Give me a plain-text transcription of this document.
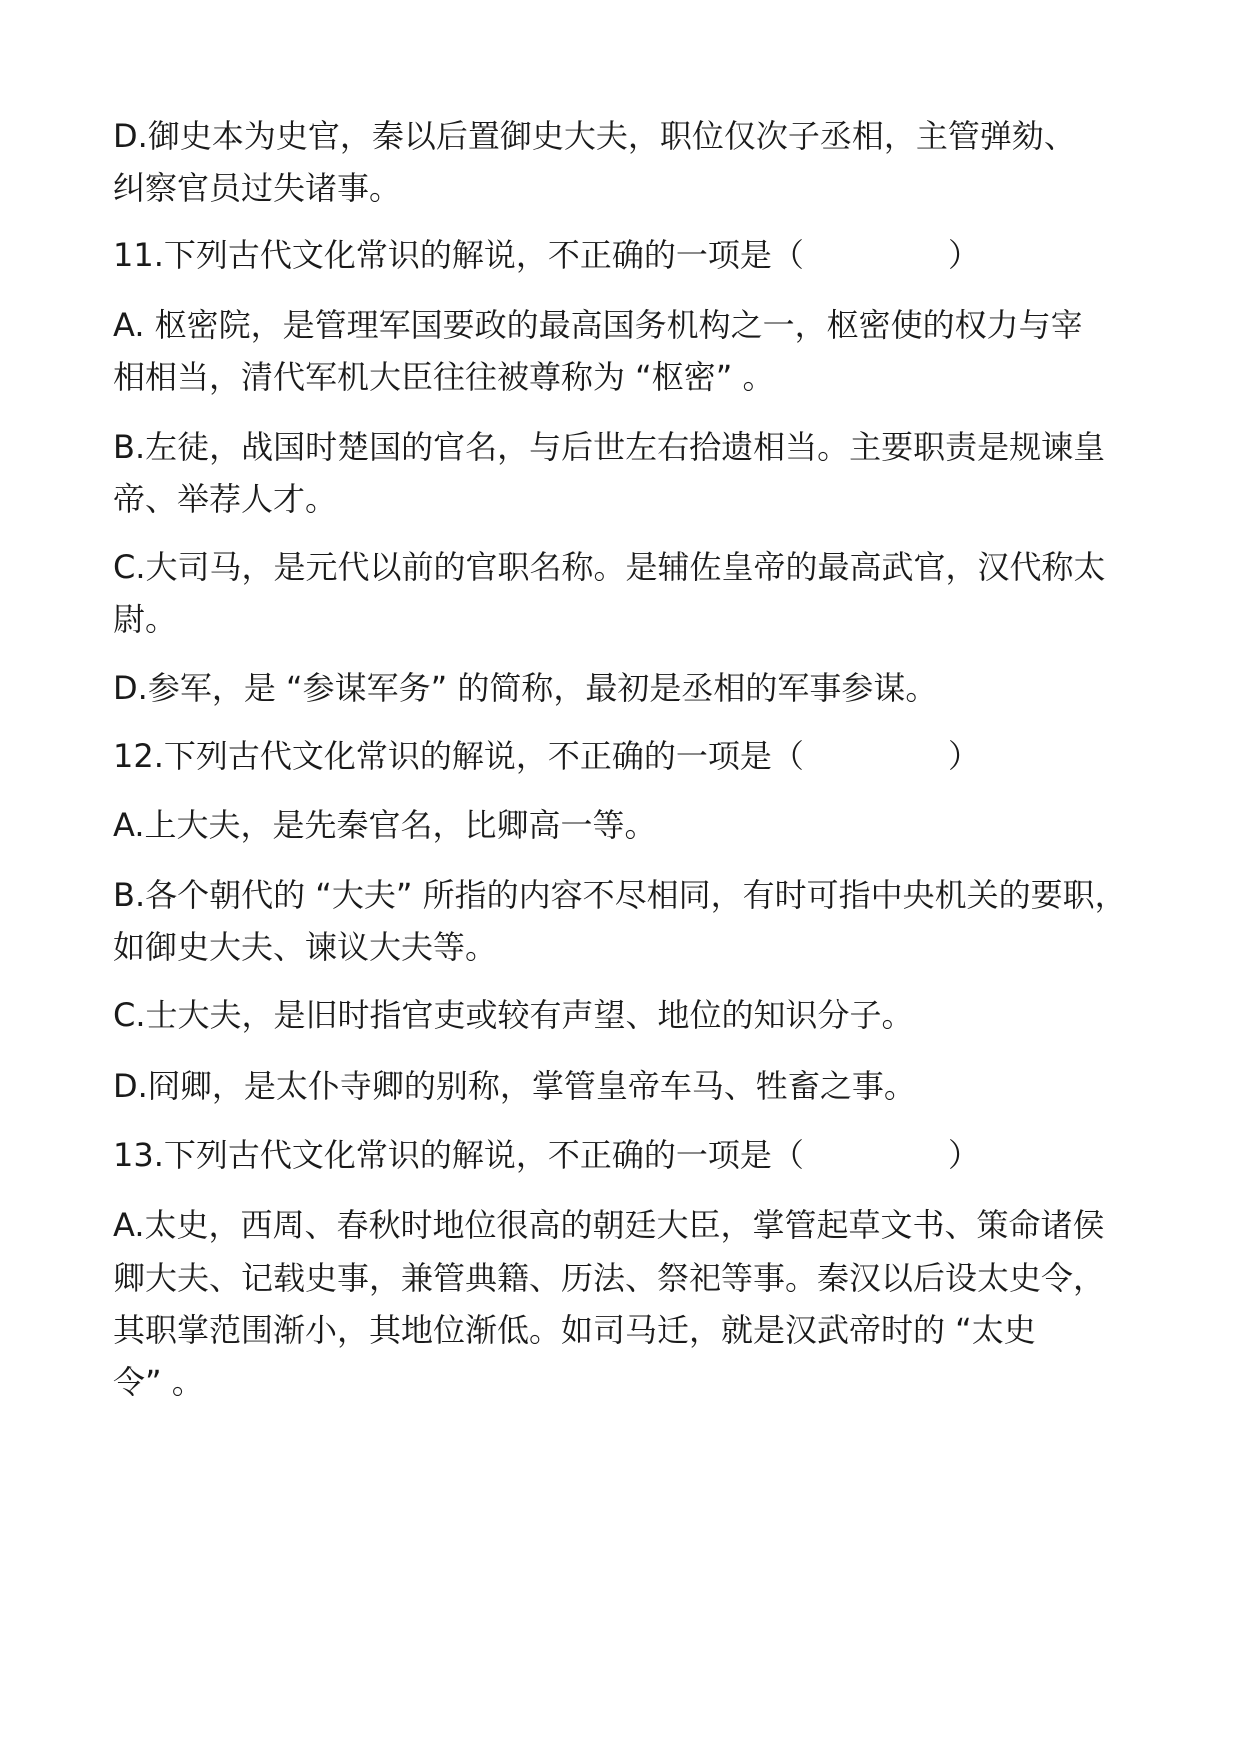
D.御史本为史官，秦以后置御史大夫，职位仅次子丞相，主管弹劾、

纠察官员过失诸事。

11.下列古代文化常识的解说，不正确的一项是（	）

A. 枢密院，是管理军国要政的最高国务机构之一，枢密使的权力与宰

相相当，清代军机大臣往往被尊称为 “枢密” 。

B.左徒，战国时楚国的官名，与后世左右拾遗相当。主要职责是规谏皇

帝、举荐人才。

C.大司马，是元代以前的官职名称。是辅佐皇帝的最高武官，汉代称太

尉。

D.参军，是 “参谋军务” 的简称，最初是丞相的军事参谋。

12.下列古代文化常识的解说，不正确的一项是（	）

A.上大夫，是先秦官名，比卿高一等。

B.各个朝代的 “大夫” 所指的内容不尽相同，有时可指中央机关的要职，

如御史大夫、谏议大夫等。

C.士大夫，是旧时指官吏或较有声望、地位的知识分子。

D.冏卿，是太仆寺卿的别称，掌管皇帝车马、牲畜之事。

13.下列古代文化常识的解说，不正确的一项是（	）

A.太史，西周、春秋时地位很高的朝廷大臣，掌管起草文书、策命诸侯

卿大夫、记载史事，兼管典籍、历法、祭祀等事。秦汉以后设太史令，

其职掌范围渐小，其地位渐低。如司马迁，就是汉武帝时的 “太史

令” 。
